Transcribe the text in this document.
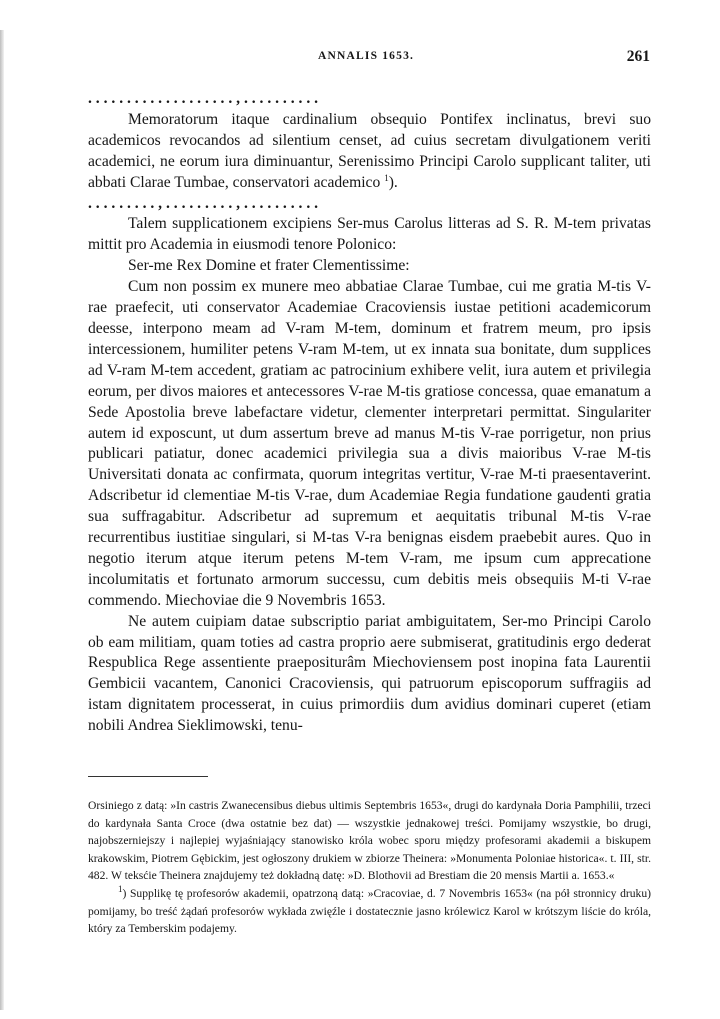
ANNALIS 1653.	261

. . . . . . . . . . . . . . . . . . . , . . . . . . . . . .

Memoratorum itaque cardinalium obsequio Pontifex inclinatus, brevi suo academicos revocandos ad silentium censet, ad cuius secretam divulgationem veriti academici, ne eorum iura diminuantur, Serenissimo Principi Carolo supplicant taliter, uti abbati Clarae Tumbae, conservatori academico $^1$).

. . . . . . . . . , . . . . . . . . . , . . . . . . . . . .

Talem supplicationem excipiens Ser-mus Carolus litteras ad S. R. M-tem privatas mittit pro Academia in eiusmodi tenore Polonico:

Ser-me Rex Domine et frater Clementissime:

Cum non possim ex munere meo abbatiae Clarae Tumbae, cui me gratia M-tis V-rae praefecit, uti conservator Academiae Cracoviensis iustae petitioni academicorum deesse, interpono meam ad V-ram M-tem, dominum et fratrem meum, pro ipsis intercessionem, humiliter petens V-ram M-tem, ut ex innata sua bonitate, dum supplices ad V-ram M-tem accedent, gratiam ac patrocinium exhibere velit, iura autem et privilegia eorum, per divos maiores et antecessores V-rae M-tis gratiose concessa, quae emanatum a Sede Apostolia breve labefactare videtur, clementer interpretari permittat. Singulariter autem id exposcunt, ut dum assertum breve ad manus M-tis V-rae porrigetur, non prius publicari patiatur, donec academici privilegia sua a divis maioribus V-rae M-tis Universitati donata ac confirmata, quorum integritas vertitur, V-rae M-ti praesentaverint. Adscribetur id clementiae M-tis V-rae, dum Academiae Regia fundatione gaudenti gratia sua suffragabitur. Adscribetur ad supremum et aequitatis tribunal M-tis V-rae recurrentibus iustitiae singulari, si M-tas V-ra benignas eisdem praebebit aures. Quo in negotio iterum atque iterum petens M-tem V-ram, me ipsum cum apprecatione incolumitatis et fortunato armorum successu, cum debitis meis obsequiis M-ti V-rae commendo. Miechoviae die 9 Novembris 1653.

Ne autem cuipiam datae subscriptio pariat ambiguitatem, Ser-mo Principi Carolo ob eam militiam, quam toties ad castra proprio aere submiserat, gratitudinis ergo dederat Respublica Rege assentiente praepositurâm Miechoviensem post inopina fata Laurentii Gembicii vacantem, Canonici Cracoviensis, qui patruorum episcoporum suffragiis ad istam dignitatem processerat, in cuius primordiis dum avidius dominari cuperet (etiam nobili Andrea Sieklimowski, tenu-

Orsiniego z datą: »In castris Zwanecensibus diebus ultimis Septembris 1653«, drugi do kardynała Doria Pamphilii, trzeci do kardynała Santa Croce (dwa ostatnie bez dat) — wszystkie jednakowej treści. Pomijamy wszystkie, bo drugi, najobszerniejszy i najlepiej wyjaśniający stanowisko króla wobec sporu między profesorami akademii a biskupem krakowskim, Piotrem Gębickim, jest ogłoszony drukiem w zbiorze Theinera: »Monumenta Poloniae historica«. t. III, str. 482. W teksćie Theinera znajdujemy też dokładną datę: »D. Blothovii ad Brestiam die 20 mensis Martii a. 1653.«

$^1$) Supplikę tę profesorów akademii, opatrzoną datą: »Cracoviae, d. 7 Novembris 1653« (na pół stronnicy druku) pomijamy, bo treść żądań profesorów wykłada zwięźle i dostatecznie jasno królewicz Karol w krótszym liście do króla, który za Temberskim podajemy.
